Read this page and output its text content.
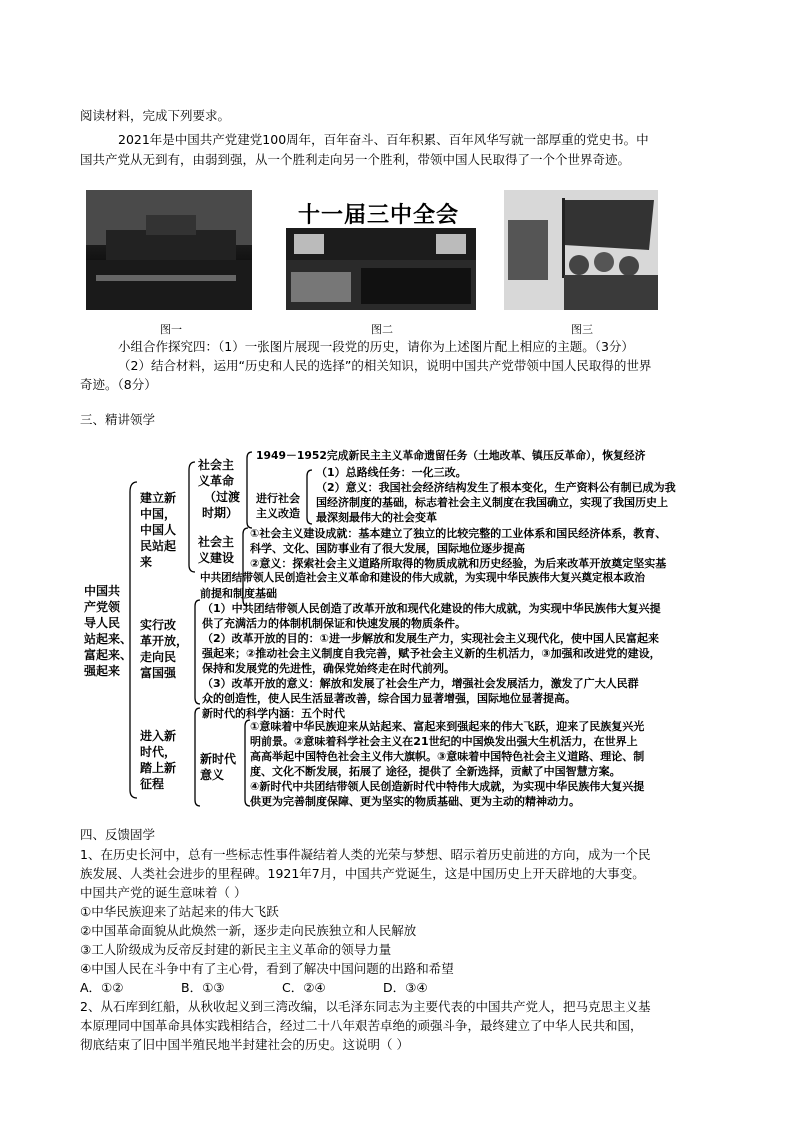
阅读材料，完成下列要求。
2021年是中国共产党建党100周年，百年奋斗、百年积累、百年风华写就一部厚重的党史书。中
国共产党从无到有，由弱到强，从一个胜利走向另一个胜利，带领中国人民取得了一个个世界奇迹。
十一届三中全会
图一	图二	图三
小组合作探究四：（1）一张图片展现一段党的历史，请你为上述图片配上相应的主题。（3分）
（2）结合材料，运用“历史和人民的选择”的相关知识，说明中国共产党带领中国人民取得的世界
奇迹。（8分）
三、精讲领学
中国共
产党领
导人民
站起来、
富起来、
强起来
建立新
中国，
中国人
民站起
来
社会主
义革命
（过渡
时期）
1949－1952完成新民主主义革命遗留任务（土地改革、镇压反革命），恢复经济
进行社会
主义改造
（1）总路线任务：一化三改。
（2）意义：我国社会经济结构发生了根本变化，生产资料公有制已成为我
国经济制度的基础，标志着社会主义制度在我国确立，实现了我国历史上
最深刻最伟大的社会变革
社会主
义建设
①社会主义建设成就：基本建立了独立的比较完整的工业体系和国民经济体系，教育、
科学、文化、国防事业有了很大发展，国际地位逐步提高
②意义：探索社会主义道路所取得的物质成就和历史经验，为后来改革开放奠定坚实基
中共团结带领人民创造社会主义革命和建设的伟大成就，为实现中华民族伟大复兴奠定根本政治
前提和制度基础
实行改
革开放，
走向民
富国强
（1）中共团结带领人民创造了改革开放和现代化建设的伟大成就，为实现中华民族伟大复兴提
供了充满活力的体制机制保证和快速发展的物质条件。
（2）改革开放的目的：①进一步解放和发展生产力，实现社会主义现代化，使中国人民富起来
强起来；②推动社会主义制度自我完善，赋予社会主义新的生机活力，③加强和改进党的建设，
保持和发展党的先进性，确保党始终走在时代前列。
（3）改革开放的意义：解放和发展了社会生产力，增强社会发展活力，激发了广大人民群
众的创造性，使人民生活显著改善，综合国力显著增强，国际地位显著提高。
进入新
时代，
踏上新
征程
新时代的科学内涵：五个时代
新时代
意义
①意味着中华民族迎来从站起来、富起来到强起来的伟大飞跃，迎来了民族复兴光
明前景。②意味着科学社会主义在21世纪的中国焕发出强大生机活力，在世界上
高高举起中国特色社会主义伟大旗帜。③意味着中国特色社会主义道路、理论、制
度、文化不断发展，拓展了 途径，提供了 全新选择，贡献了中国智慧方案。
④新时代中共团结带领人民创造新时代中特伟大成就，为实现中华民族伟大复兴提
供更为完善制度保障、更为坚实的物质基础、更为主动的精神动力。
四、反馈固学
1、在历史长河中，总有一些标志性事件凝结着人类的光荣与梦想、昭示着历史前进的方向，成为一个民
族发展、人类社会进步的里程碑。1921年7月，中国共产党诞生，这是中国历史上开天辟地的大事变。
中国共产党的诞生意味着（ ）
①中华民族迎来了站起来的伟大飞跃
②中国革命面貌从此焕然一新，逐步走向民族独立和人民解放
③工人阶级成为反帝反封建的新民主主义革命的领导力量
④中国人民在斗争中有了主心骨，看到了解决中国问题的出路和希望
A．①②	B．①③	C．②④	D．③④
2、从石库到红船，从秋收起义到三湾改编，以毛泽东同志为主要代表的中国共产党人，把马克思主义基
本原理同中国革命具体实践相结合，经过二十八年艰苦卓绝的顽强斗争，最终建立了中华人民共和国，
彻底结束了旧中国半殖民地半封建社会的历史。这说明（ ）
